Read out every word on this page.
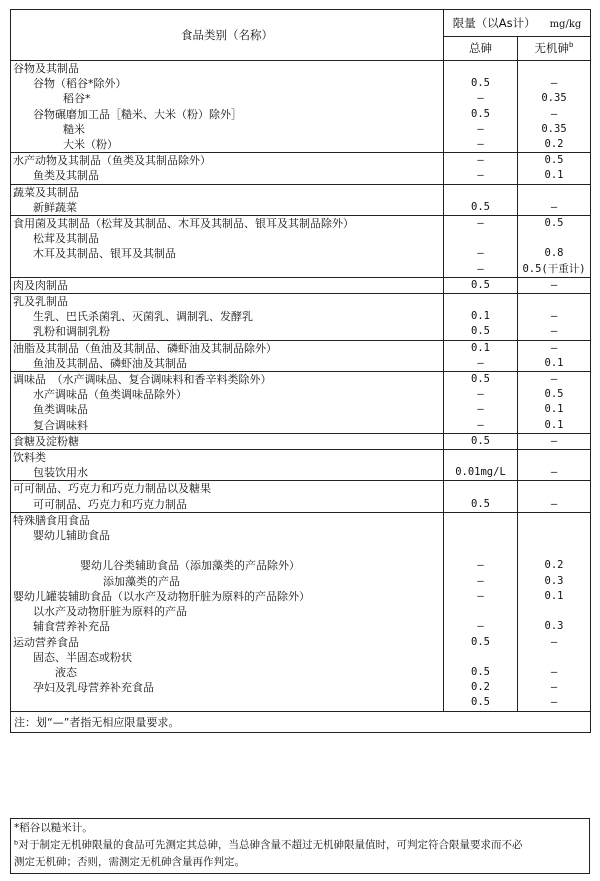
食品类别（名称）	限量（以As计） mg/kg	
	总砷	无机砷$^b$
谷物及其制品		
谷物（稻谷*除外）	0.5	—
稻谷*	—	0.35
谷物碾磨加工品［糙米、大米（粉）除外］	0.5	—
糙米	—	0.35
大米（粉）	—	0.2
水产动物及其制品（鱼类及其制品除外）	—	0.5
鱼类及其制品	—	0.1
蔬菜及其制品		
新鲜蔬菜	0.5	—
食用菌及其制品（松茸及其制品、木耳及其制品、银耳及其制品除外）	—	0.5
松茸及其制品		
木耳及其制品、银耳及其制品	—	0.8
	—	0.5(干重计)
肉及肉制品	0.5	—
乳及乳制品		
生乳、巴氏杀菌乳、灭菌乳、调制乳、发酵乳	0.1	—
乳粉和调制乳粉	0.5	—
油脂及其制品（鱼油及其制品、磷虾油及其制品除外）	0.1	—
鱼油及其制品、磷虾油及其制品	—	0.1
调味品　（水产调味品、复合调味料和香辛料类除外）	0.5	—
水产调味品（鱼类调味品除外）	—	0.5
鱼类调味品	—	0.1
复合调味料	—	0.1
食糖及淀粉糖	0.5	—
饮料类		
包装饮用水	0.01mg/L	—
可可制品、巧克力和巧克力制品以及糖果		
可可制品、巧克力和巧克力制品	0.5	—
特殊膳食用食品		
婴幼儿辅助食品		

婴幼儿谷类辅助食品（添加藻类的产品除外）	—	0.2
添加藻类的产品	—	0.3
婴幼儿罐装辅助食品（以水产及动物肝脏为原料的产品除外）	—	0.1
以水产及动物肝脏为原料的产品		
辅食营养补充品	—	0.3
运动营养食品	0.5	—
固态、半固态或粉状		
液态	0.5	—
孕妇及乳母营养补充食品	0.2	—
	0.5	—
注：划“—”者指无相应限量要求。		
*稻谷以糙米计。
ᵇ对于制定无机砷限量的食品可先测定其总砷，当总砷含量不超过无机砷限量值时，可判定符合限量要求而不必
测定无机砷；否则，需测定无机砷含量再作判定。
